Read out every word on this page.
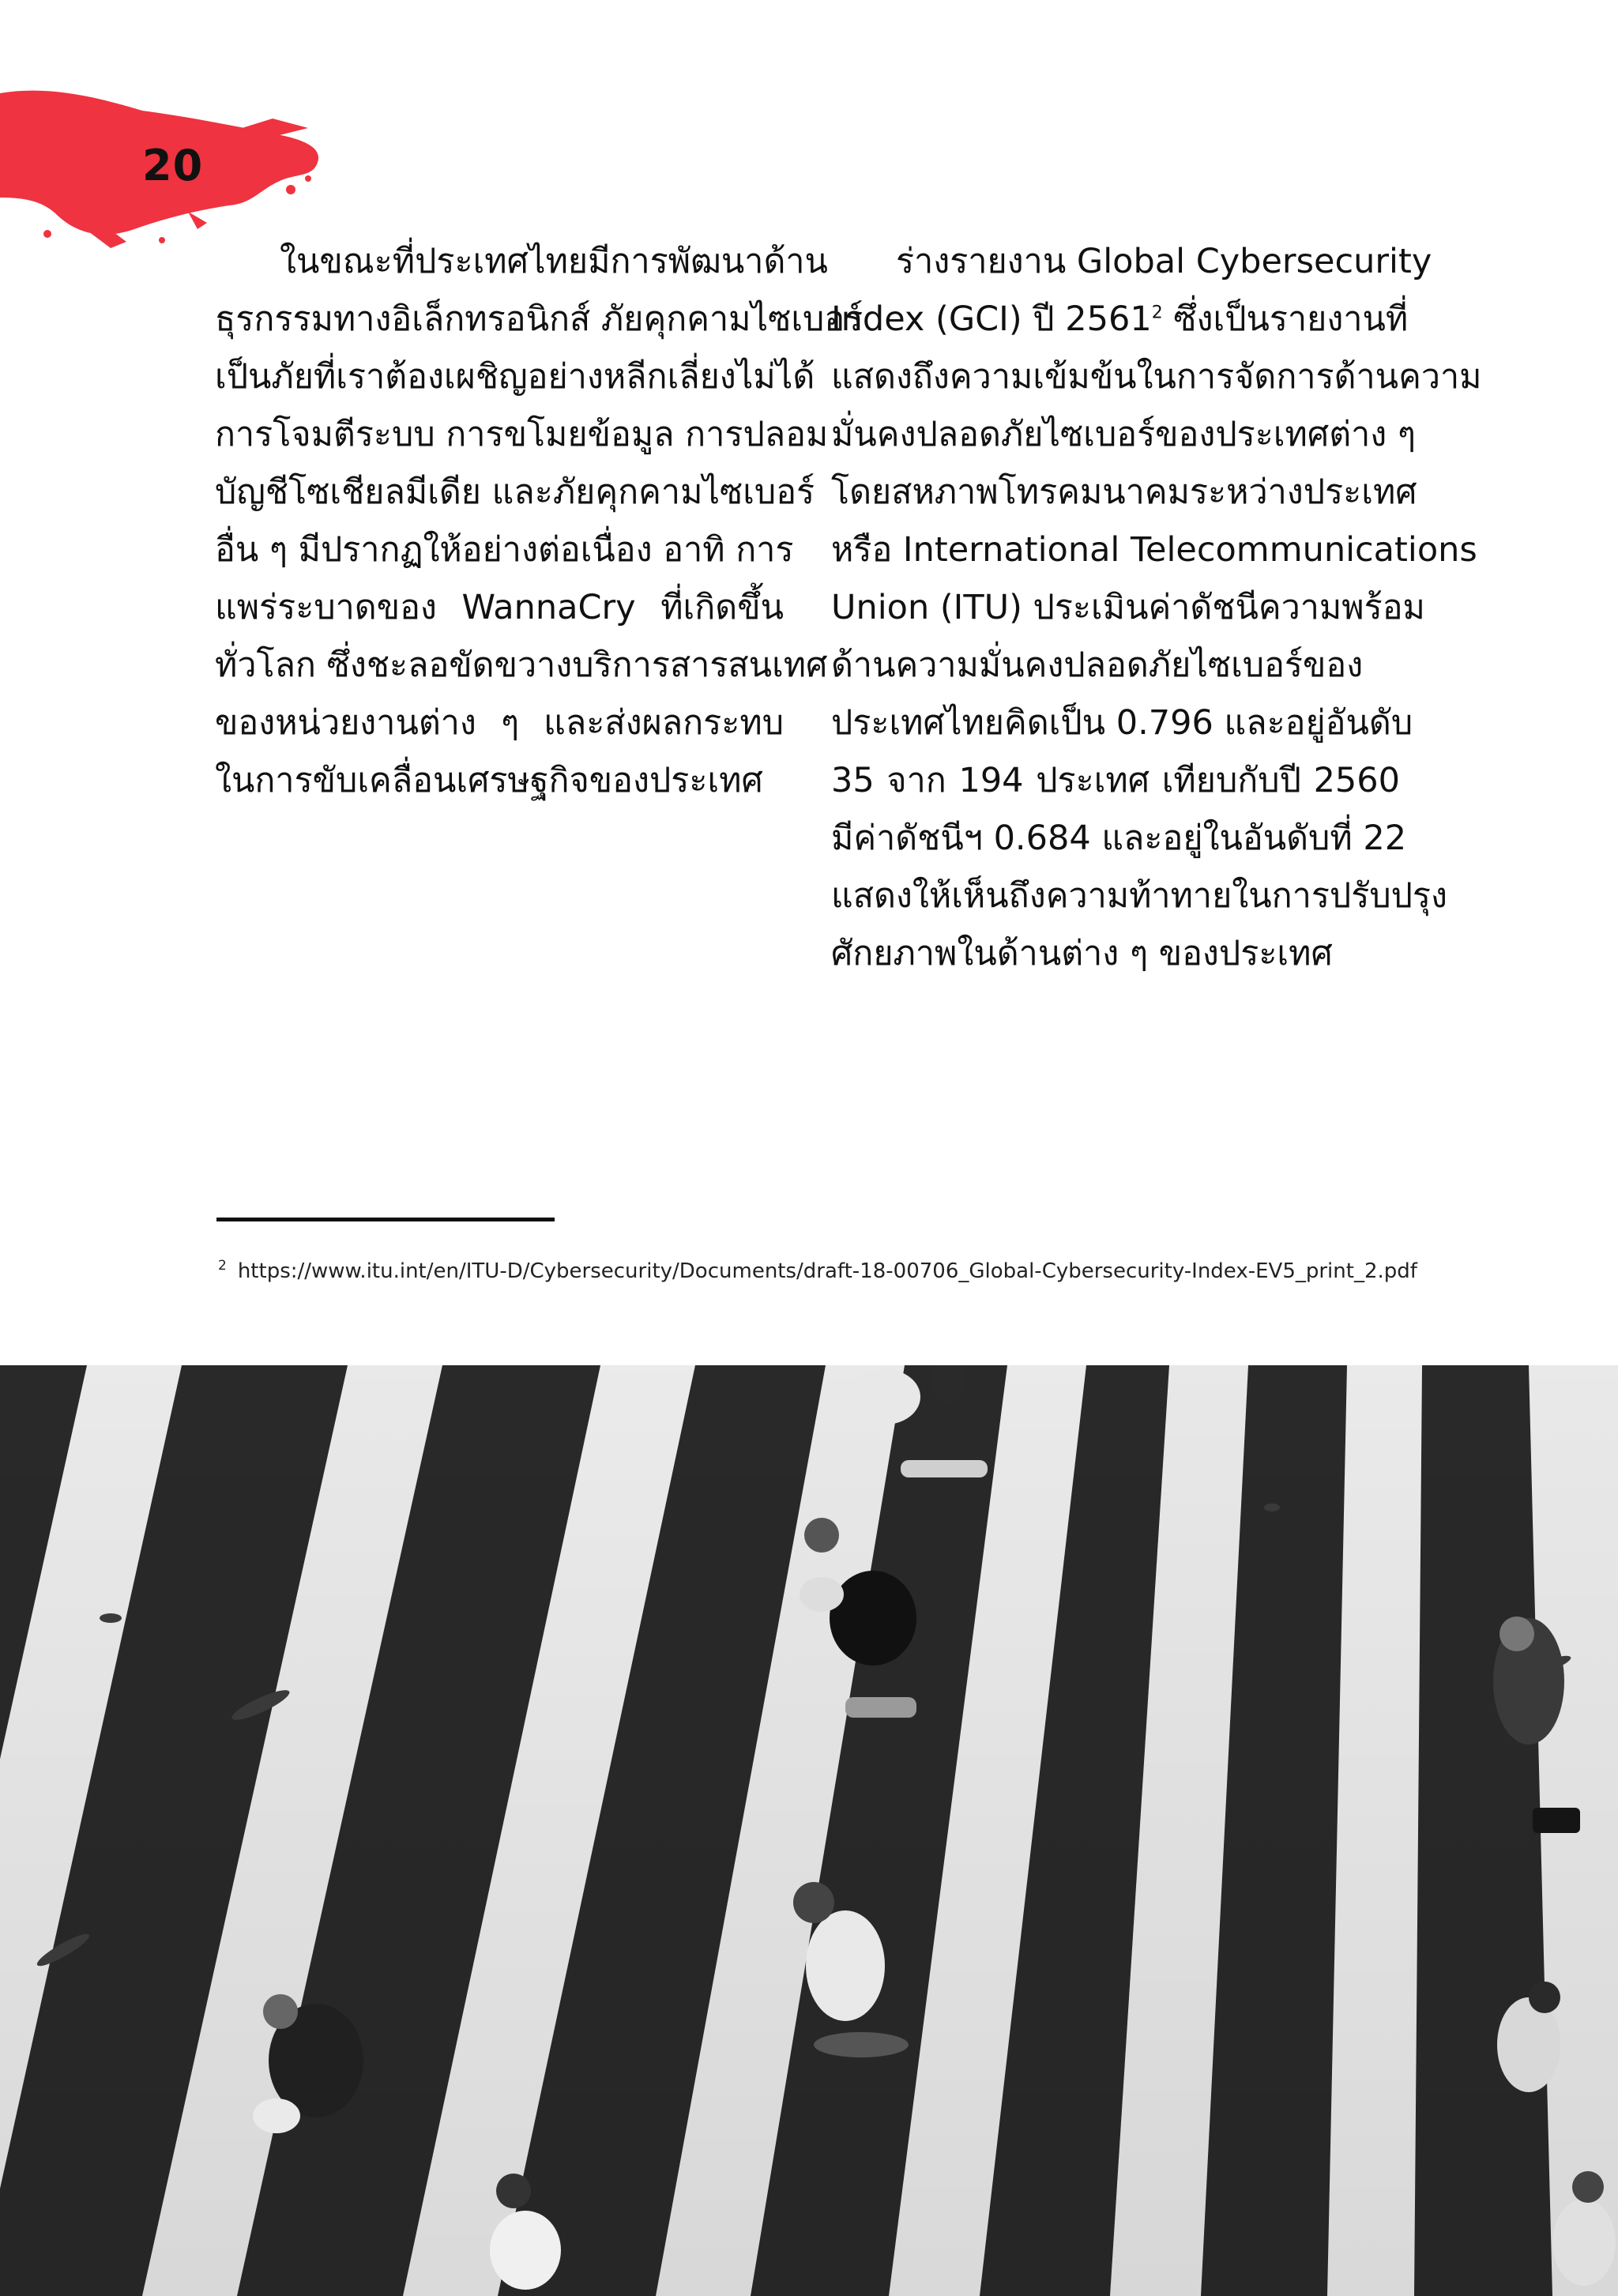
20
ในขณะที่ประเทศไทยมีการพัฒนาด้าน
ธุรกรรมทางอิเล็กทรอนิกส์ ภัยคุกคามไซเบอร์
เป็นภัยที่เราต้องเผชิญอย่างหลีกเลี่ยงไม่ได้
การโจมตีระบบ การขโมยข้อมูล การปลอม
บัญชีโซเชียลมีเดีย และภัยคุกคามไซเบอร์
อื่น ๆ มีปรากฏให้อย่างต่อเนื่อง อาทิ การ
แพร่ระบาดของ WannaCry ที่เกิดขึ้น
ทั่วโลก ซึ่งชะลอขัดขวางบริการสารสนเทศ
ของหน่วยงานต่าง ๆ และส่งผลกระทบ
ในการขับเคลื่อนเศรษฐกิจของประเทศ
ร่างรายงาน Global Cybersecurity
Index (GCI) ปี 2561$^2$ ซึ่งเป็นรายงานที่
แสดงถึงความเข้มข้นในการจัดการด้านความ
มั่นคงปลอดภัยไซเบอร์ของประเทศต่าง ๆ
โดยสหภาพโทรคมนาคมระหว่างประเทศ
หรือ International Telecommunications
Union (ITU) ประเมินค่าดัชนีความพร้อม
ด้านความมั่นคงปลอดภัยไซเบอร์ของ
ประเทศไทยคิดเป็น 0.796 และอยู่อันดับ
35 จาก 194 ประเทศ เทียบกับปี 2560
มีค่าดัชนีฯ 0.684 และอยู่ในอันดับที่ 22
แสดงให้เห็นถึงความท้าทายในการปรับปรุง
ศักยภาพในด้านต่าง ๆ ของประเทศ
$^2$ https://www.itu.int/en/ITU-D/Cybersecurity/Documents/draft-18-00706_Global-Cybersecurity-Index-EV5_print_2.pdf
